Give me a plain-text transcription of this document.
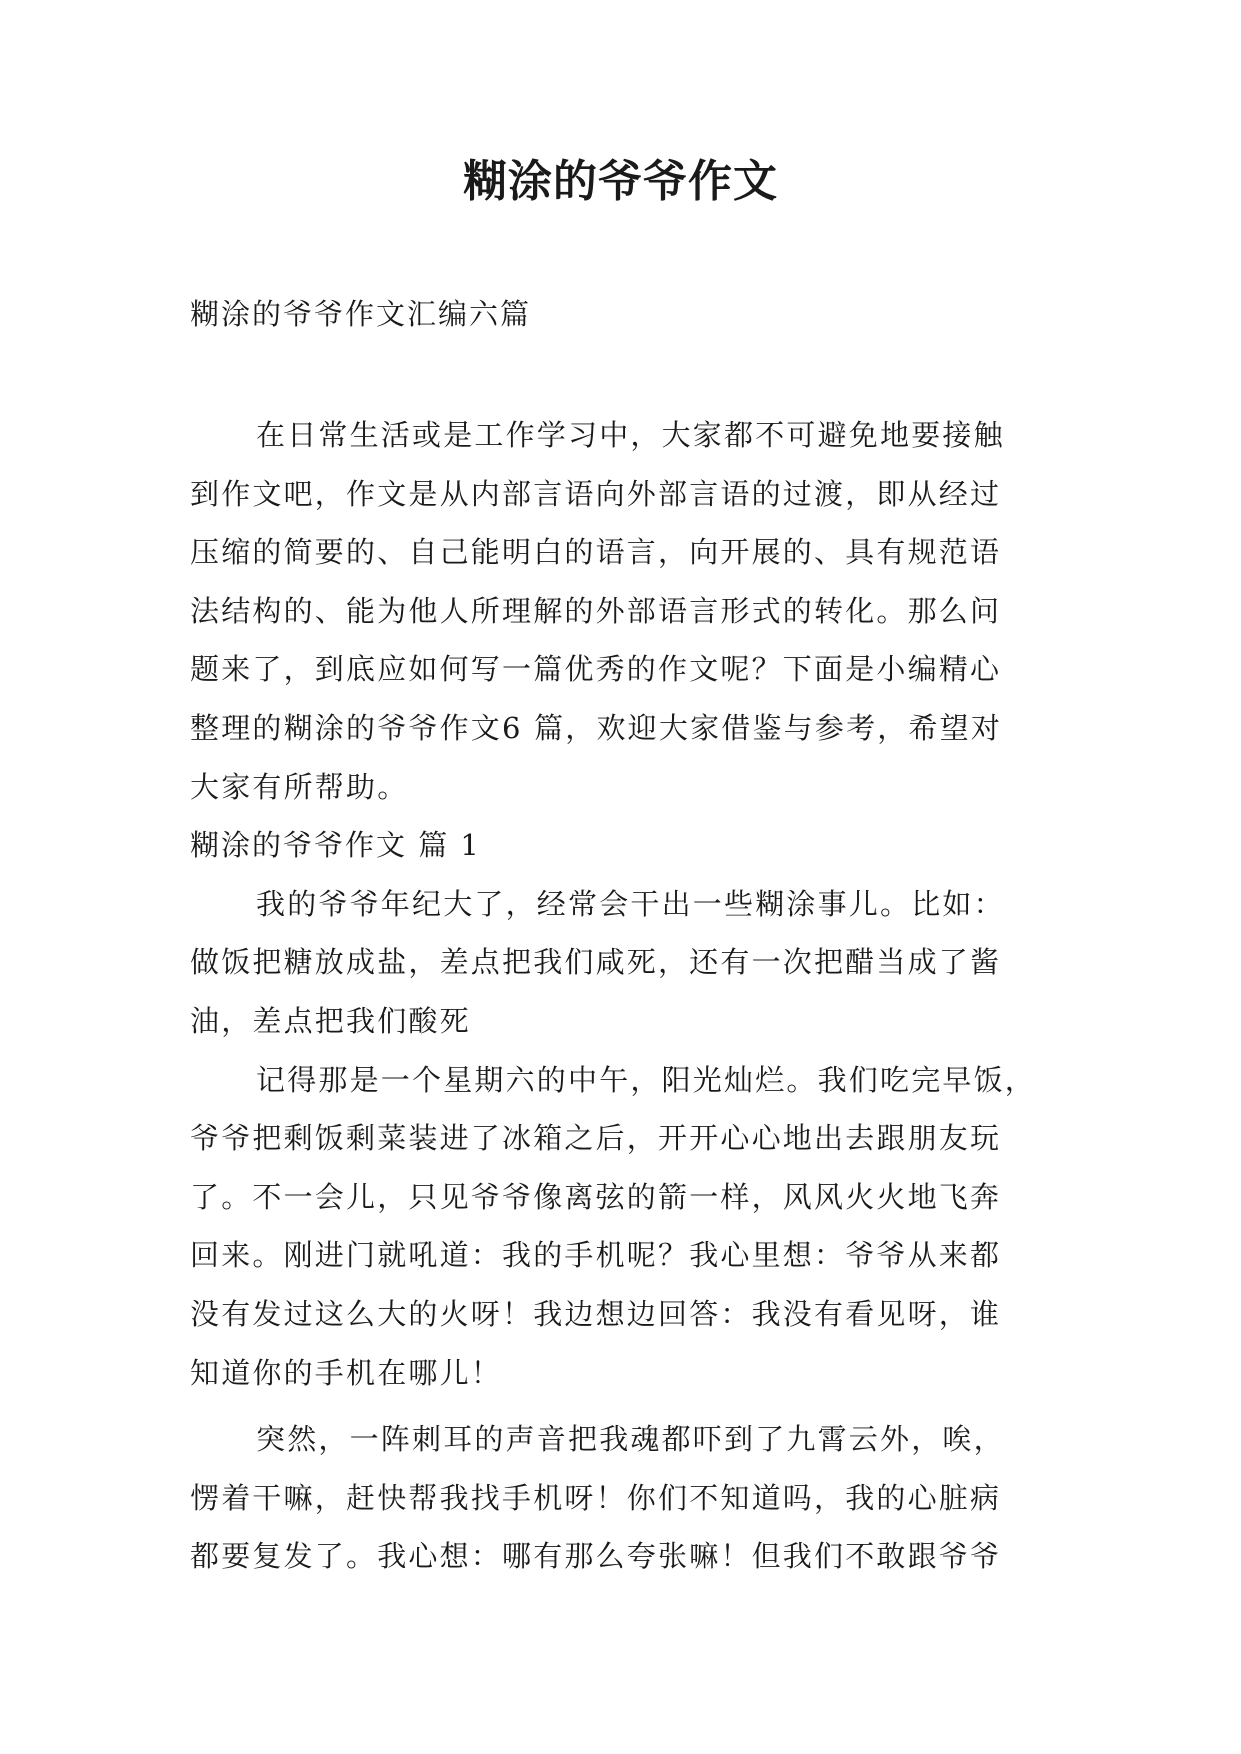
糊涂的爷爷作文
糊涂的爷爷作文汇编六篇
在日常生活或是工作学习中，大家都不可避免地要接触
到作文吧，作文是从内部言语向外部言语的过渡，即从经过
压缩的简要的、自己能明白的语言，向开展的、具有规范语
法结构的、能为他人所理解的外部语言形式的转化。那么问
题来了，到底应如何写一篇优秀的作文呢？下面是小编精心
整理的糊涂的爷爷作文6 篇，欢迎大家借鉴与参考，希望对
大家有所帮助。
糊涂的爷爷作文 篇 1
我的爷爷年纪大了，经常会干出一些糊涂事儿。比如：
做饭把糖放成盐，差点把我们咸死，还有一次把醋当成了酱
油，差点把我们酸死
记得那是一个星期六的中午，阳光灿烂。我们吃完早饭，
爷爷把剩饭剩菜装进了冰箱之后，开开心心地出去跟朋友玩
了。不一会儿，只见爷爷像离弦的箭一样，风风火火地飞奔
回来。刚进门就吼道：我的手机呢？我心里想：爷爷从来都
没有发过这么大的火呀！我边想边回答：我没有看见呀，谁
知道你的手机在哪儿！
突然，一阵刺耳的声音把我魂都吓到了九霄云外，唉，
愣着干嘛，赶快帮我找手机呀！你们不知道吗，我的心脏病
都要复发了。我心想：哪有那么夸张嘛！但我们不敢跟爷爷
